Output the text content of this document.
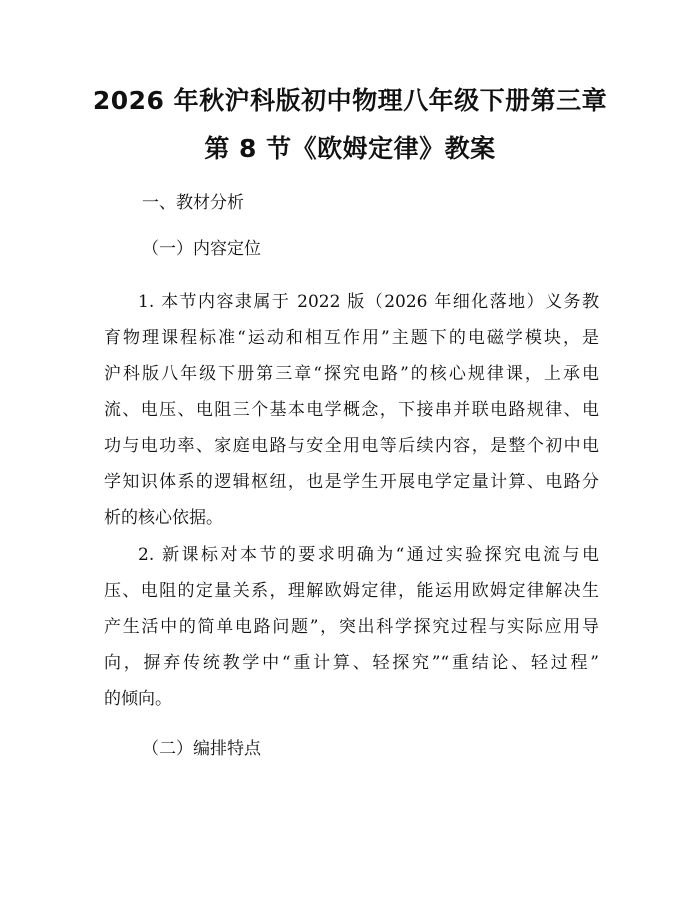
2026 年秋沪科版初中物理八年级下册第三章
第 8 节《欧姆定律》教案
一、教材分析
（一）内容定位
1. 本节内容隶属于 2022 版（2026 年细化落地）义务教
育物理课程标准“运动和相互作用”主题下的电磁学模块，是
沪科版八年级下册第三章“探究电路”的核心规律课，上承电
流、电压、电阻三个基本电学概念，下接串并联电路规律、电
功与电功率、家庭电路与安全用电等后续内容，是整个初中电
学知识体系的逻辑枢纽，也是学生开展电学定量计算、电路分
析的核心依据。
2. 新课标对本节的要求明确为“通过实验探究电流与电
压、电阻的定量关系，理解欧姆定律，能运用欧姆定律解决生
产生活中的简单电路问题”，突出科学探究过程与实际应用导
向，摒弃传统教学中“重计算、轻探究”“重结论、轻过程”
的倾向。
（二）编排特点
